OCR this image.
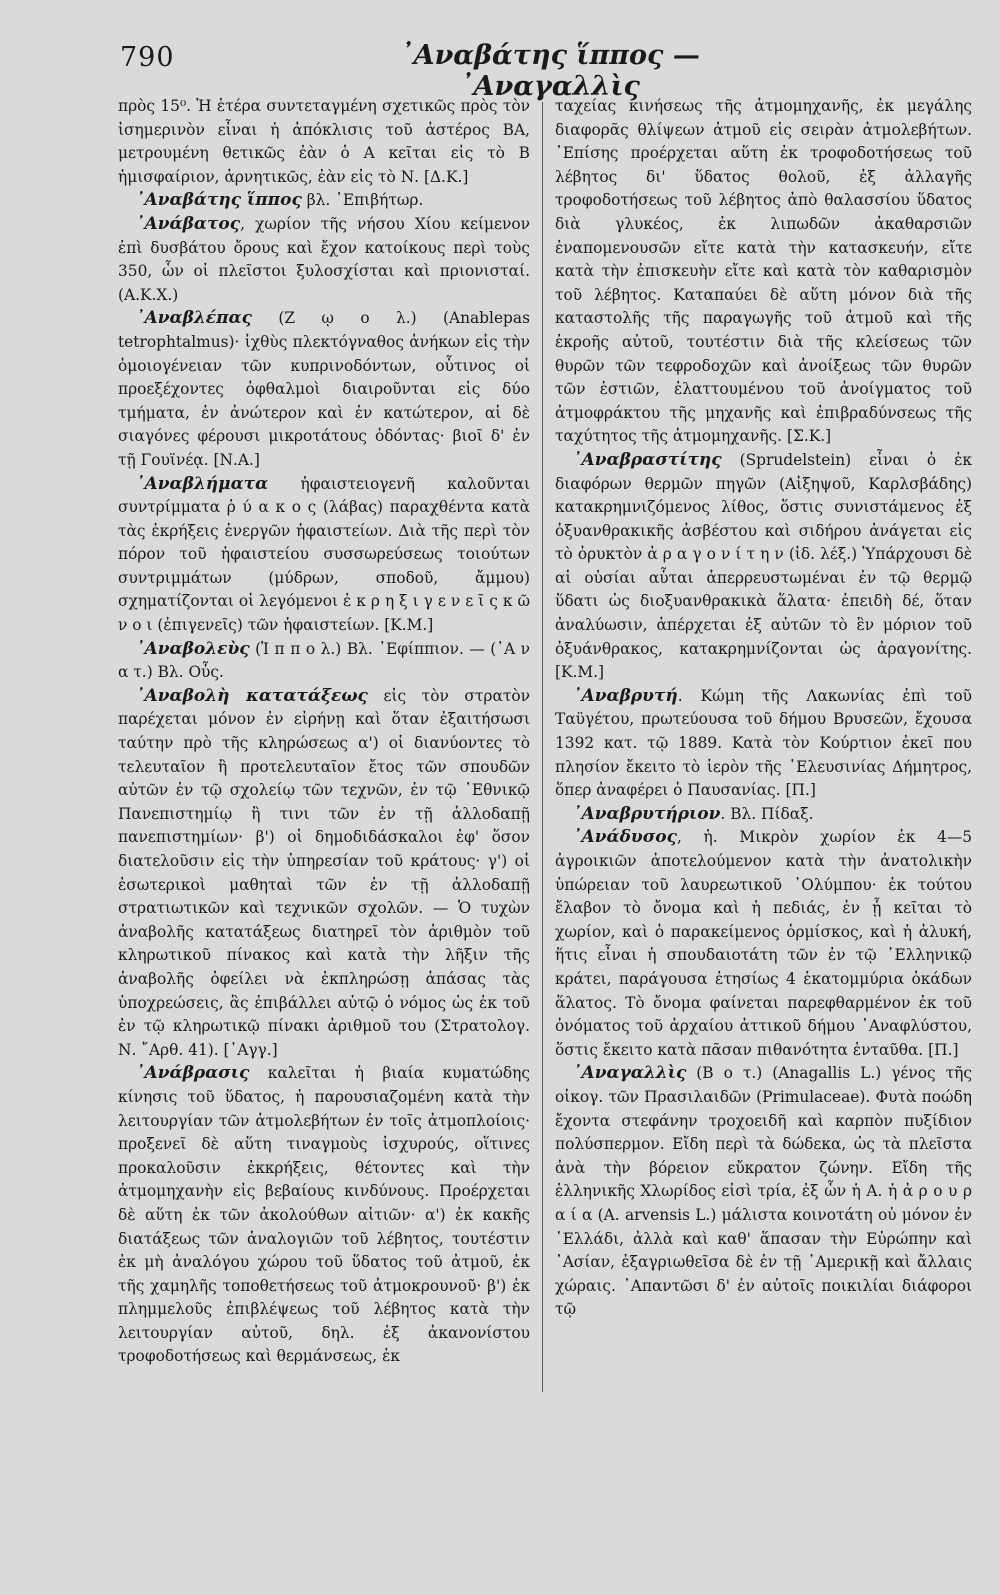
790	᾿Αναβάτης ἵππος — ᾿Αναγαλλὶς

πρὸς 15⁰. Ἡ ἑτέρα συντεταγμένη σχετικῶς πρὸς τὸν ἰσημερινὸν εἶναι ἡ ἀπόκλισις τοῦ ἀστέρος ΒΑ, μετρουμένη θετικῶς ἐὰν ὁ Α κεῖται εἰς τὸ Β ἡμισφαίριον, ἀρνητικῶς, ἐὰν εἰς τὸ Ν. [Δ.Κ.]

᾿Αναβάτης ἵππος βλ. ᾿Επιβήτωρ.

᾿Ανάβατος, χωρίον τῆς νήσου Χίου κείμενον ἐπὶ δυσβάτου ὄρους καὶ ἔχον κατοίκους περὶ τοὺς 350, ὧν οἱ πλεῖστοι ξυλοσχίσται καὶ πριονισταί. (Α.Κ.Χ.)

᾿Αναβλέπας (Ζ ῳ ο λ.) (Anablepas tetrophtalmus)· ἰχθὺς πλεκτόγναθος ἀνήκων εἰς τὴν ὁμοιογένειαν τῶν κυπρινοδόντων, οὗτινος οἱ προεξέχοντες ὀφθαλμοὶ διαιροῦνται εἰς δύο τμήματα, ἐν ἀνώτερον καὶ ἐν κατώτερον, αἱ δὲ σιαγόνες φέρουσι μικροτάτους ὀδόντας· βιοῖ δ' ἐν τῇ Γουϊνέᾳ. [Ν.Α.]

᾿Αναβλήματα ἡφαιστειογενῆ καλοῦνται συντρίμματα ῥ ύ α κ ο ς (λάβας) παραχθέντα κατὰ τὰς ἐκρήξεις ἐνεργῶν ἡφαιστείων. Διὰ τῆς περὶ τὸν πόρον τοῦ ἡφαιστείου συσσωρεύσεως τοιούτων συντριμμάτων (μύδρων, σποδοῦ, ἄμμου) σχηματίζονται οἱ λεγόμενοι ἐ κ ρ η ξ ι γ ε ν ε ῖ ς κ ῶ ν ο ι (ἐπιγενεῖς) τῶν ἡφαιστείων. [Κ.Μ.]

᾿Αναβολεὺς (Ἱ π π ο λ.) Βλ. ᾿Εφίππιον. — (᾿Α ν α τ.) Βλ. Οὖς.

᾿Αναβολὴ κατατάξεως εἰς τὸν στρατὸν παρέχεται μόνον ἐν εἰρήνῃ καὶ ὅταν ἐξαιτήσωσι ταύτην πρὸ τῆς κληρώσεως α') οἱ διανύοντες τὸ τελευταῖον ἢ προτελευταῖον ἔτος τῶν σπουδῶν αὐτῶν ἐν τῷ σχολείῳ τῶν τεχνῶν, ἐν τῷ ᾿Εθνικῷ Πανεπιστημίῳ ἢ τινι τῶν ἐν τῇ ἀλλοδαπῇ πανεπιστημίων· β') οἱ δημοδιδάσκαλοι ἐφ' ὅσον διατελοῦσιν εἰς τὴν ὑπηρεσίαν τοῦ κράτους· γ') οἱ ἐσωτερικοὶ μαθηταὶ τῶν ἐν τῇ ἀλλοδαπῇ στρατιωτικῶν καὶ τεχνικῶν σχολῶν. — Ὁ τυχὼν ἀναβολῆς κατατάξεως διατηρεῖ τὸν ἀριθμὸν τοῦ κληρωτικοῦ πίνακος καὶ κατὰ τὴν λῆξιν τῆς ἀναβολῆς ὀφείλει νὰ ἐκπληρώσῃ ἁπάσας τὰς ὑποχρεώσεις, ἃς ἐπιβάλλει αὐτῷ ὁ νόμος ὡς ἐκ τοῦ ἐν τῷ κληρωτικῷ πίνακι ἀριθμοῦ του (Στρατολογ. Ν. ῎Αρθ. 41). [᾿Αγγ.]

᾿Ανάβρασις καλεῖται ἡ βιαία κυματώδης κίνησις τοῦ ὕδατος, ἡ παρουσιαζομένη κατὰ τὴν λειτουργίαν τῶν ἀτμολεβήτων ἐν τοῖς ἀτμοπλοίοις· προξενεῖ δὲ αὕτη τιναγμοὺς ἰσχυρούς, οἵτινες προκαλοῦσιν ἐκκρήξεις, θέτοντες καὶ τὴν ἀτμομηχανὴν εἰς βεβαίους κινδύνους. Προέρχεται δὲ αὕτη ἐκ τῶν ἀκολούθων αἰτιῶν· α') ἐκ κακῆς διατάξεως τῶν ἀναλογιῶν τοῦ λέβητος, τουτέστιν ἐκ μὴ ἀναλόγου χώρου τοῦ ὕδατος τοῦ ἀτμοῦ, ἐκ τῆς χαμηλῆς τοποθετήσεως τοῦ ἀτμοκρουνοῦ· β') ἐκ πλημμελοῦς ἐπιβλέψεως τοῦ λέβητος κατὰ τὴν λειτουργίαν αὐτοῦ, δηλ. ἐξ ἀκανονίστου τροφοδοτήσεως καὶ θερμάνσεως, ἐκ

ταχείας κινήσεως τῆς ἀτμομηχανῆς, ἐκ μεγάλης διαφορᾶς θλίψεων ἀτμοῦ εἰς σειρὰν ἀτμολεβήτων. ᾿Επίσης προέρχεται αὕτη ἐκ τροφοδοτήσεως τοῦ λέβητος δι' ὕδατος θολοῦ, ἐξ ἀλλαγῆς τροφοδοτήσεως τοῦ λέβητος ἀπὸ θαλασσίου ὕδατος διὰ γλυκέος, ἐκ λιπωδῶν ἀκαθαρσιῶν ἐναπομενουσῶν εἴτε κατὰ τὴν κατασκευήν, εἴτε κατὰ τὴν ἐπισκευὴν εἴτε καὶ κατὰ τὸν καθαρισμὸν τοῦ λέβητος. Καταπαύει δὲ αὕτη μόνον διὰ τῆς καταστολῆς τῆς παραγωγῆς τοῦ ἀτμοῦ καὶ τῆς ἐκροῆς αὐτοῦ, τουτέστιν διὰ τῆς κλείσεως τῶν θυρῶν τῶν τεφροδοχῶν καὶ ἀνοίξεως τῶν θυρῶν τῶν ἑστιῶν, ἐλαττουμένου τοῦ ἀνοίγματος τοῦ ἀτμοφράκτου τῆς μηχανῆς καὶ ἐπιβραδύνσεως τῆς ταχύτητος τῆς ἀτμομηχανῆς. [Σ.Κ.]

᾿Αναβραστίτης (Sprudelstein) εἶναι ὁ ἐκ διαφόρων θερμῶν πηγῶν (Αἰξηψοῦ, Καρλσβάδης) κατακρημνιζόμενος λίθος, ὅστις συνιστάμενος ἐξ ὀξυανθρακικῆς ἀσβέστου καὶ σιδήρου ἀνάγεται εἰς τὸ ὀρυκτὸν ἀ ρ α γ ο ν ί τ η ν (ἰδ. λέξ.) Ὑπάρχουσι δὲ αἱ οὐσίαι αὗται ἀπερρευστωμέναι ἐν τῷ θερμῷ ὕδατι ὡς διοξυανθρακικὰ ἅλατα· ἐπειδὴ δέ, ὅταν ἀναλύωσιν, ἀπέρχεται ἐξ αὐτῶν τὸ ἓν μόριον τοῦ ὀξυάνθρακος, κατακρημνίζονται ὡς ἀραγονίτης. [Κ.Μ.]

᾿Αναβρυτή. Κώμη τῆς Λακωνίας ἐπὶ τοῦ Ταϋγέτου, πρωτεύουσα τοῦ δήμου Βρυσεῶν, ἔχουσα 1392 κατ. τῷ 1889. Κατὰ τὸν Κούρτιον ἐκεῖ που πλησίον ἔκειτο τὸ ἱερὸν τῆς ᾿Ελευσινίας Δήμητρος, ὅπερ ἀναφέρει ὁ Παυσανίας. [Π.]

᾿Αναβρυτήριον. Βλ. Πίδαξ.

᾿Ανάδυσος, ἡ. Μικρὸν χωρίον ἐκ 4—5 ἀγροικιῶν ἀποτελούμενον κατὰ τὴν ἀνατολικὴν ὑπώρειαν τοῦ λαυρεωτικοῦ ᾿Ολύμπου· ἐκ τούτου ἔλαβον τὸ ὄνομα καὶ ἡ πεδιάς, ἐν ᾗ κεῖται τὸ χωρίον, καὶ ὁ παρακείμενος ὁρμίσκος, καὶ ἡ ἁλυκή, ἥτις εἶναι ἡ σπουδαιοτάτη τῶν ἐν τῷ ῾Ελληνικῷ κράτει, παράγουσα ἐτησίως 4 ἑκατομμύρια ὀκάδων ἅλατος. Τὸ ὄνομα φαίνεται παρεφθαρμένον ἐκ τοῦ ὀνόματος τοῦ ἀρχαίου ἀττικοῦ δήμου ᾿Αναφλύστου, ὅστις ἔκειτο κατὰ πᾶσαν πιθανότητα ἐνταῦθα. [Π.]

᾿Αναγαλλὶς (Β ο τ.) (Anagallis L.) γένος τῆς οἰκογ. τῶν Πρασιλαιδῶν (Primulaceae). Φυτὰ ποώδη ἔχοντα στεφάνην τροχοειδῆ καὶ καρπὸν πυξίδιον πολύσπερμον. Εἴδη περὶ τὰ δώδεκα, ὡς τὰ πλεῖστα ἀνὰ τὴν βόρειον εὔκρατον ζώνην. Εἴδη τῆς ἑλληνικῆς Χλωρίδος εἰσὶ τρία, ἐξ ὧν ἡ Α. ἡ ἀ ρ ο υ ρ α ί α (A. arvensis L.) μάλιστα κοινοτάτη οὐ μόνον ἐν ῾Ελλάδι, ἀλλὰ καὶ καθ' ἅπασαν τὴν Εὐρώπην καὶ ᾿Ασίαν, ἐξαγριωθεῖσα δὲ ἐν τῇ ᾿Αμερικῇ καὶ ἄλλαις χώραις. ᾿Απαντῶσι δ' ἐν αὐτοῖς ποικιλίαι διάφοροι τῷ
